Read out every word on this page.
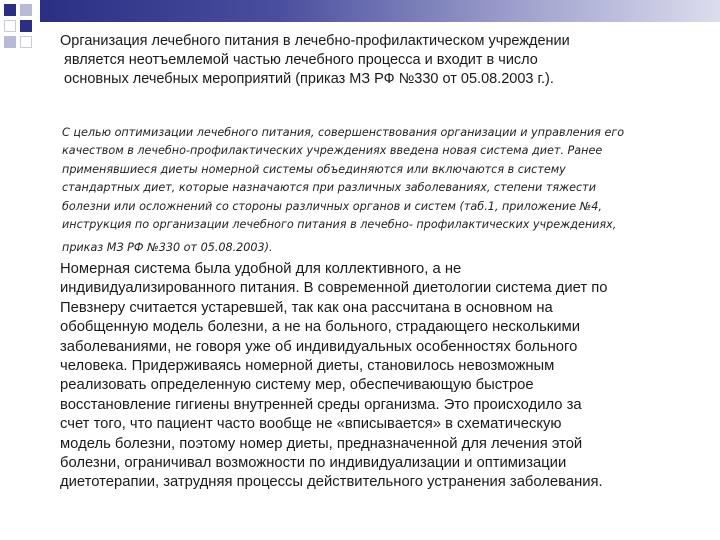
Организация лечебного питания в лечебно-профилактическом учреждении
является неотъемлемой частью лечебного процесса и входит в число
основных лечебных мероприятий (приказ МЗ РФ №330 от 05.08.2003 г.).

С целью оптимизации лечебного питания, совершенствования организации и управления его
качеством в лечебно-профилактических учреждениях введена новая система диет. Ранее
применявшиеся диеты номерной системы объединяются или включаются в систему
стандартных диет, которые назначаются при различных заболеваниях, степени тяжести
болезни или осложнений со стороны различных органов и систем (таб.1, приложение №4,
инструкция по организации лечебного питания в лечебно- профилактических учреждениях,
приказ МЗ РФ №330 от 05.08.2003).

Номерная система была удобной для коллективного, а не
индивидуализированного питания. В современной диетологии система диет по
Певзнеру считается устаревшей, так как она рассчитана в основном на
обобщенную модель болезни, а не на больного, страдающего несколькими
заболеваниями, не говоря уже об индивидуальных особенностях больного
человека. Придерживаясь номерной диеты, становилось невозможным
реализовать определенную систему мер, обеспечивающую быстрое
восстановление гигиены внутренней среды организма. Это происходило за
счет того, что пациент часто вообще не «вписывается» в схематическую
модель болезни, поэтому номер диеты, предназначенной для лечения этой
болезни, ограничивал возможности по индивидуализации и оптимизации
диетотерапии, затрудняя процессы действительного устранения заболевания.
